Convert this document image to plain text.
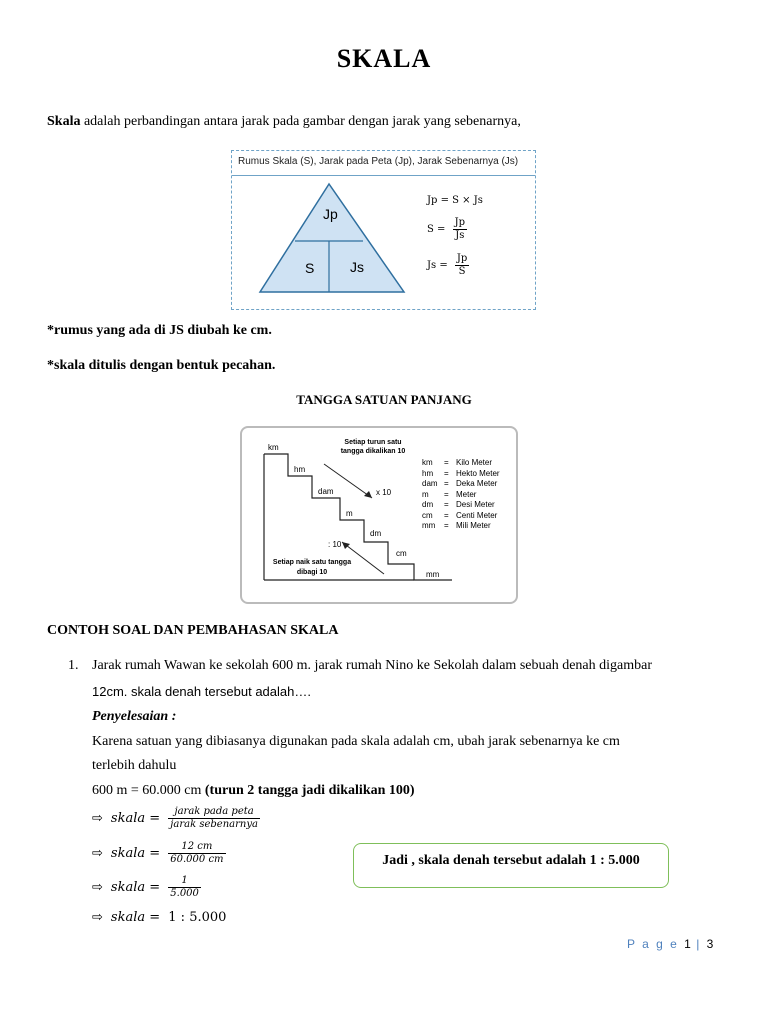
SKALA
Skala adalah perbandingan antara jarak pada gambar dengan jarak yang sebenarnya,
Rumus Skala (S), Jarak pada Peta (Jp), Jarak Sebenarnya (Js)
Jp
S	Js
Jp = S × Js
$S = \frac{Jp}{Js}$
$Js = \frac{Jp}{S}$
*rumus yang ada di JS diubah ke cm.
*skala ditulis dengan bentuk pecahan.
TANGGA SATUAN PANJANG
km
hm
dam
m
dm
cm
mm
Setiap turun satu
tangga dikalikan 10
x 10
: 10
Setiap naik satu tangga
dibagi 10
km = Kilo Meter
hm = Hekto Meter
dam = Deka Meter
m = Meter
dm = Desi Meter
cm = Centi Meter
mm = Mili Meter
CONTOH SOAL DAN PEMBAHASAN SKALA
1. Jarak rumah Wawan ke sekolah 600 m. jarak rumah Nino ke Sekolah dalam sebuah denah digambar
12cm. skala denah tersebut adalah….
Penyelesaian :
Karena satuan yang dibiasanya digunakan pada skala adalah cm, ubah jarak sebenarnya ke cm
terlebih dahulu
600 m = 60.000 cm (turun 2 tangga jadi dikalikan 100)
⇨ skala = $\frac{\text{jarak pada peta}}{\text{jarak sebenarnya}}$
⇨ skala = $\frac{12 cm}{60.000 cm}$
⇨ skala = $\frac{1}{5.000}$
⇨ skala = 1 : 5.000
Jadi , skala denah tersebut adalah 1 : 5.000
P a g e 1 | 3
